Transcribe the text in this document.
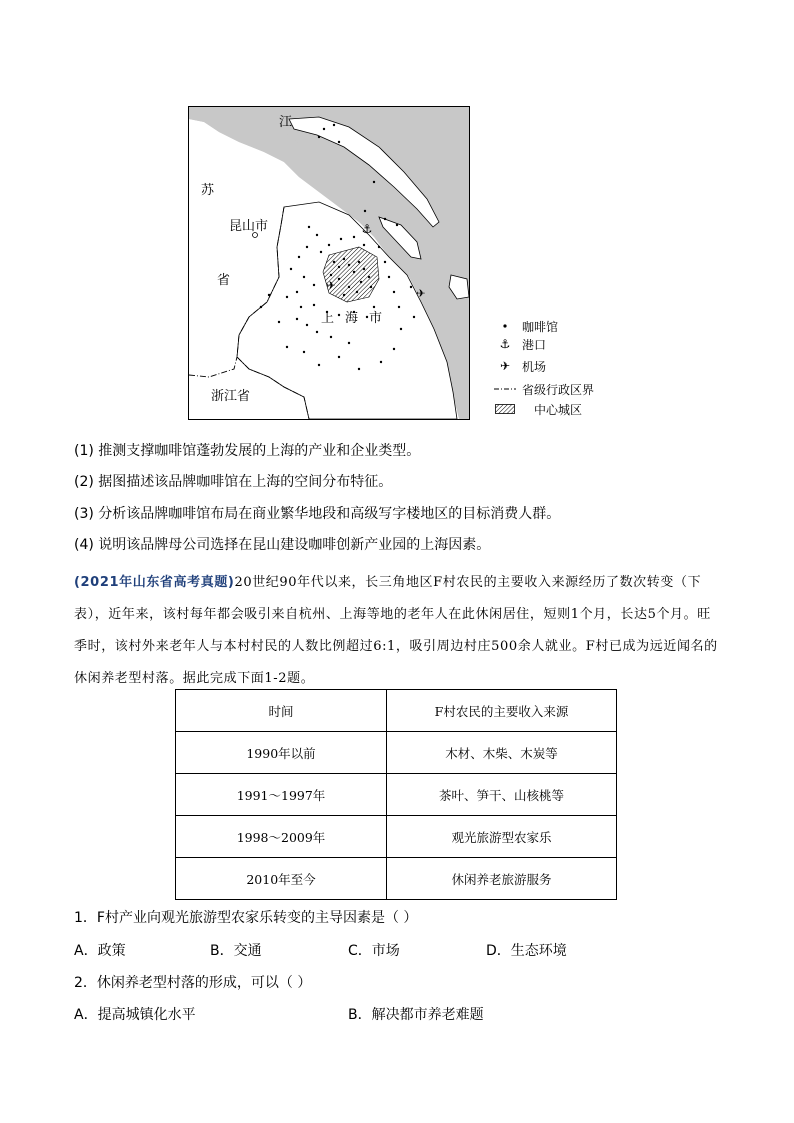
⚓
✈
✈
江
苏
昆山市
省
上 海 市
浙江省
咖啡馆
⚓ 港口
✈ 机场
省级行政区界
中心城区
(1) 推测支撑咖啡馆蓬勃发展的上海的产业和企业类型。
(2) 据图描述该品牌咖啡馆在上海的空间分布特征。
(3) 分析该品牌咖啡馆布局在商业繁华地段和高级写字楼地区的目标消费人群。
(4) 说明该品牌母公司选择在昆山建设咖啡创新产业园的上海因素。
(2021年山东省高考真题)20世纪90年代以来，长三角地区F村农民的主要收入来源经历了数次转变（下表），近年来，该村每年都会吸引来自杭州、上海等地的老年人在此休闲居住，短则1个月，长达5个月。旺季时，该村外来老年人与本村村民的人数比例超过6:1，吸引周边村庄500余人就业。F村已成为远近闻名的休闲养老型村落。据此完成下面1-2题。
时间	F村农民的主要收入来源
1990年以前	木材、木柴、木炭等
1991～1997年	茶叶、笋干、山核桃等
1998～2009年	观光旅游型农家乐
2010年至今	休闲养老旅游服务
1．F村产业向观光旅游型农家乐转变的主导因素是（ ）
A．政策	B．交通	C．市场	D．生态环境
2．休闲养老型村落的形成，可以（ ）
A．提高城镇化水平	B．解决都市养老难题
